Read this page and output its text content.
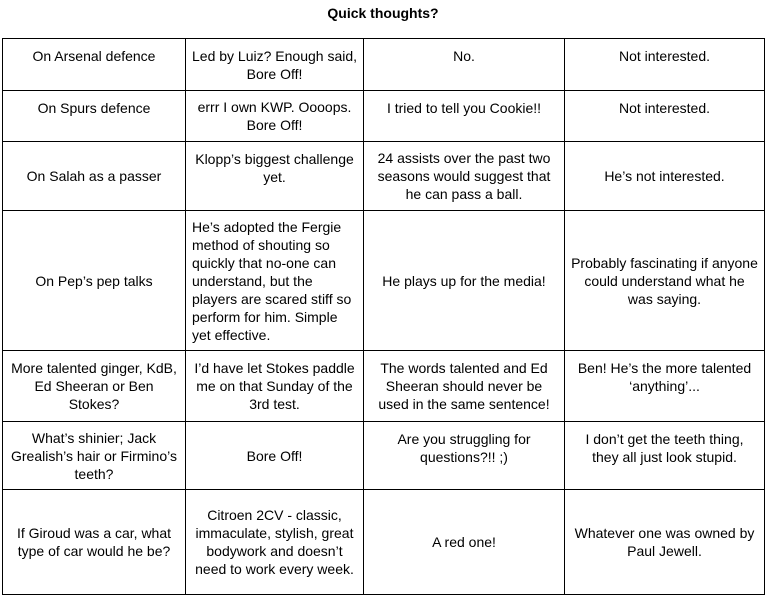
Quick thoughts?
On Arsenal defence	Led by Luiz? Enough said, Bore Off!	No.	Not interested.
On Spurs defence	errr I own KWP. Oooops. Bore Off!	I tried to tell you Cookie!!	Not interested.
On Salah as a passer	Klopp’s biggest challenge yet.	24 assists over the past two seasons would suggest that he can pass a ball.	He’s not interested.
On Pep’s pep talks	He’s adopted the Fergie method of shouting so quickly that no-one can understand, but the players are scared stiff so perform for him. Simple yet effective.	He plays up for the media!	Probably fascinating if anyone could understand what he was saying.
More talented ginger, KdB, Ed Sheeran or Ben Stokes?	I’d have let Stokes paddle me on that Sunday of the 3rd test.	The words talented and Ed Sheeran should never be used in the same sentence!	Ben! He’s the more talented ‘anything’...
What’s shinier; Jack Grealish’s hair or Firmino’s teeth?	Bore Off!	Are you struggling for questions?!! ;)	I don’t get the teeth thing, they all just look stupid.
If Giroud was a car, what type of car would he be?	Citroen 2CV - classic, immaculate, stylish, great bodywork and doesn’t need to work every week.	A red one!	Whatever one was owned by Paul Jewell.
